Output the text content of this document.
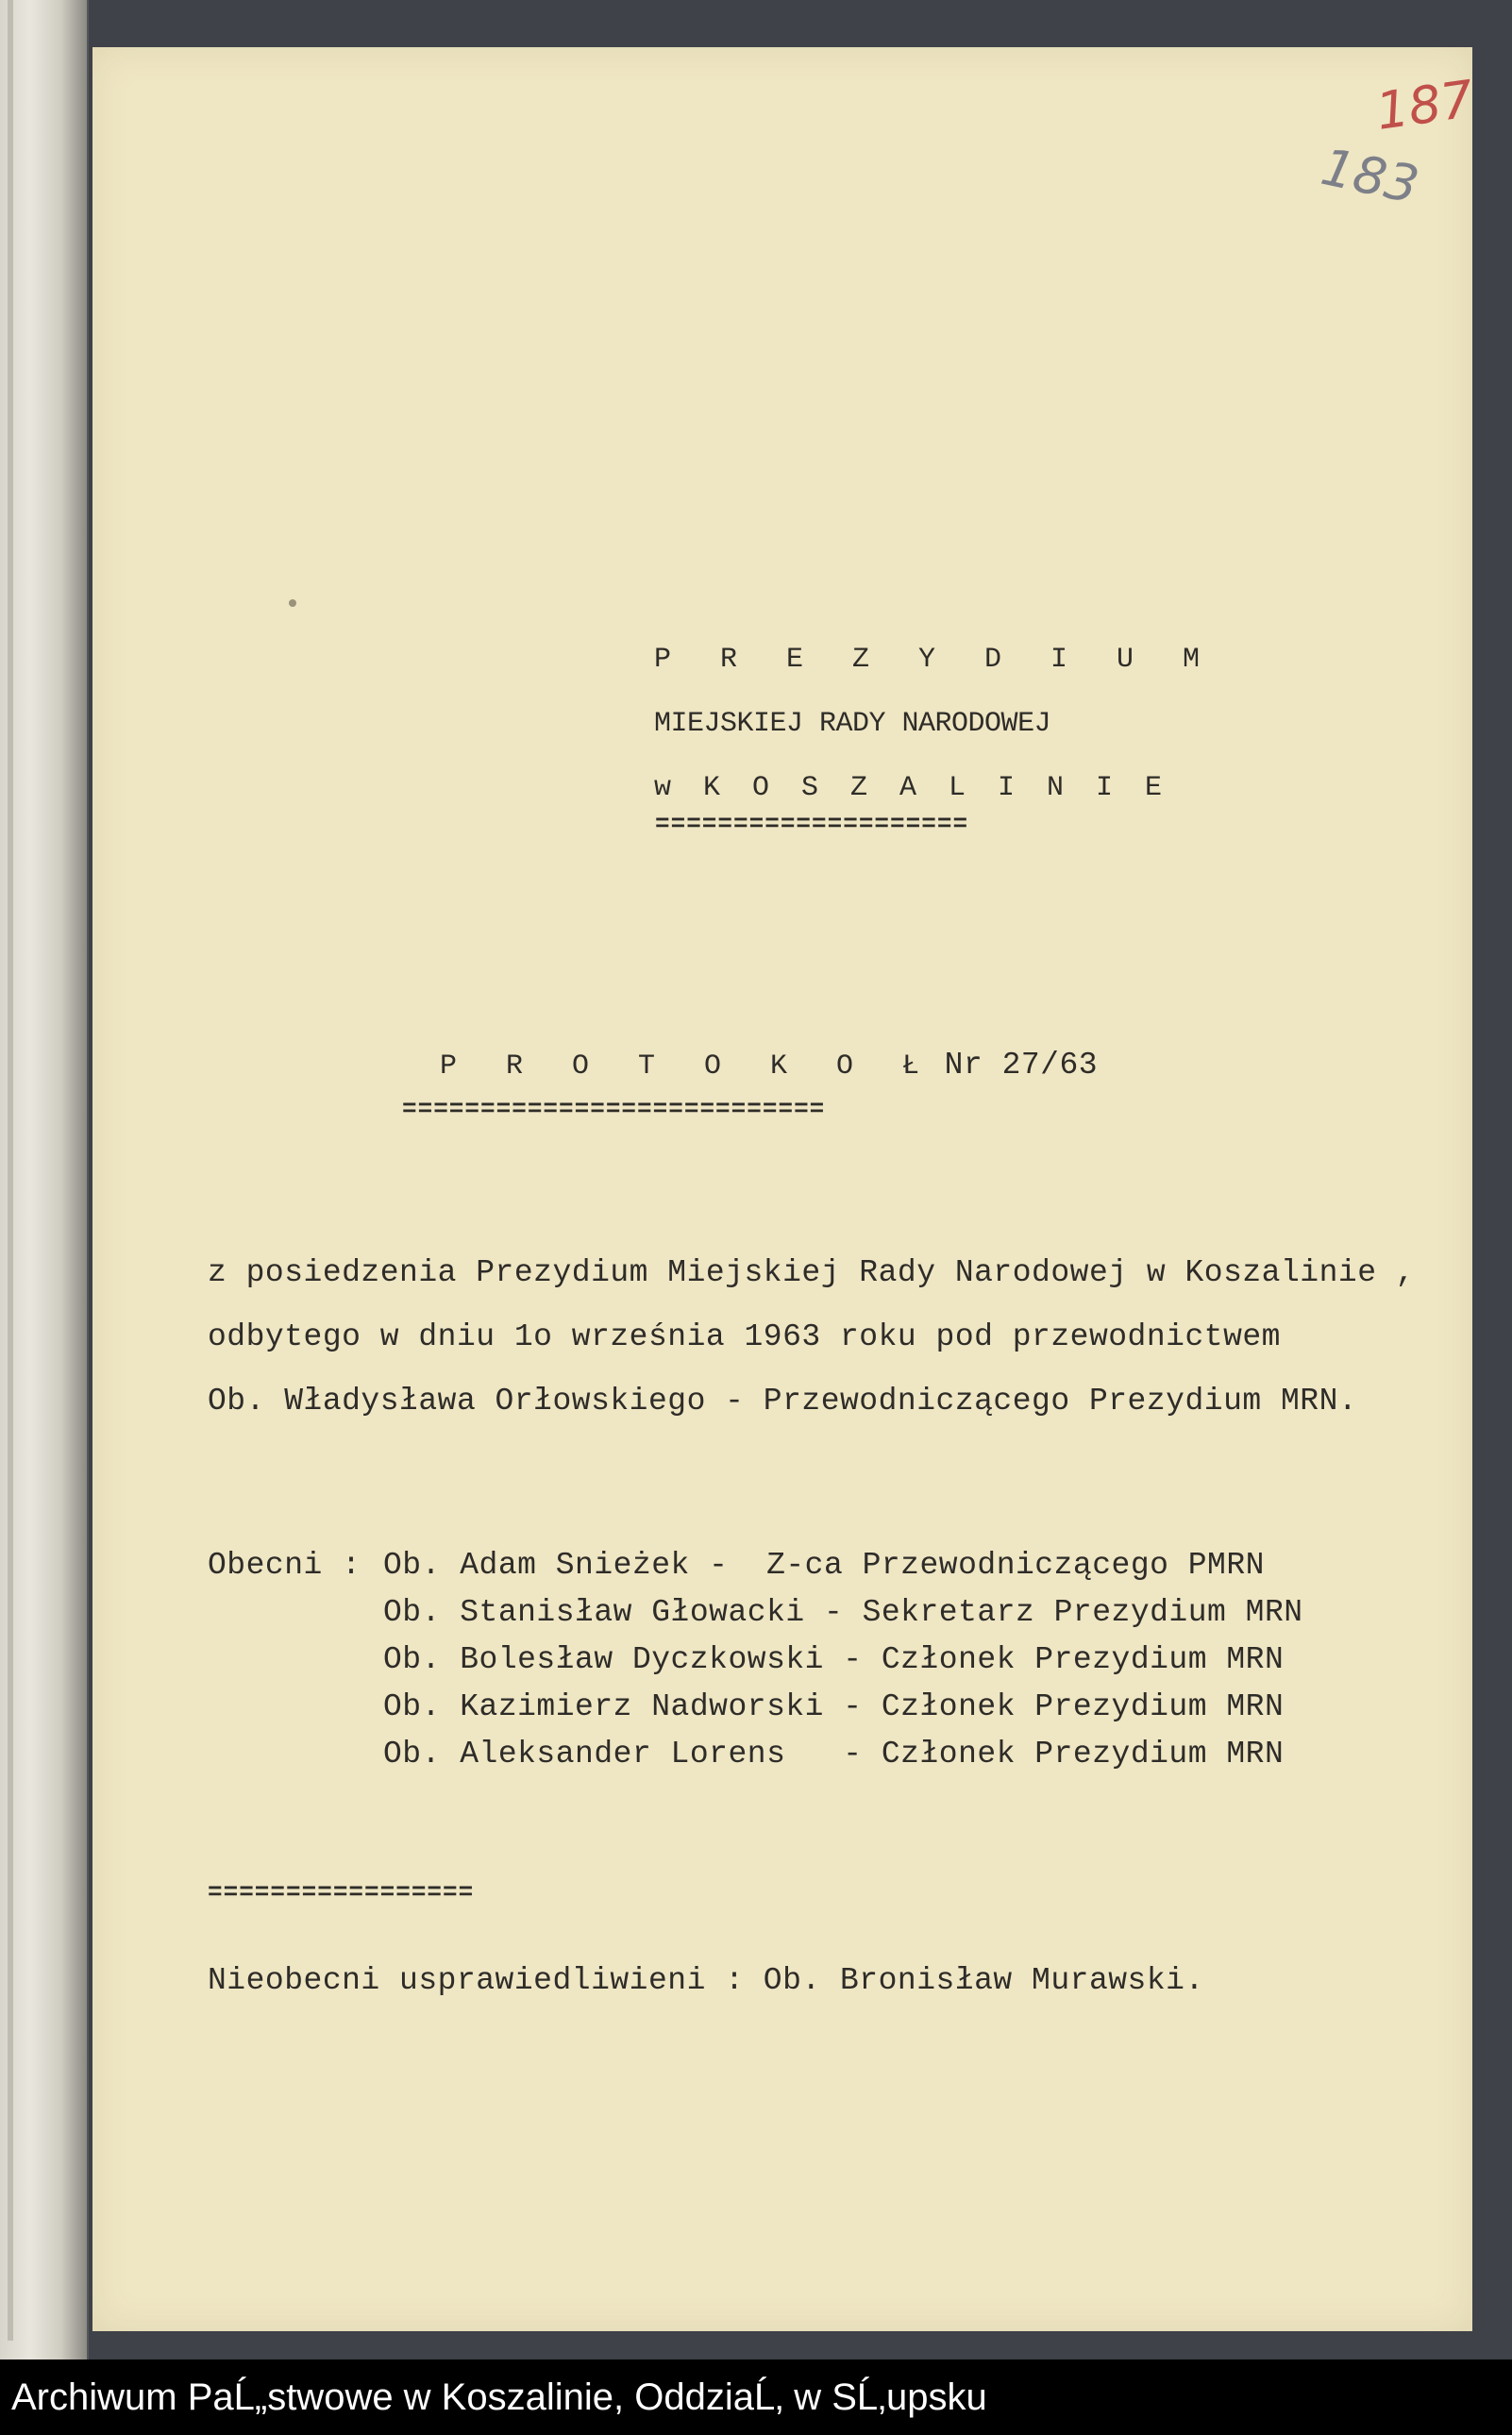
187
183
P R E Z Y D I U M
MIEJSKIEJ RADY NARODOWEJ
w K O S Z A L I N I E
====================
P R O T O K O Ł Nr 27/63
===========================
z posiedzenia Prezydium Miejskiej Rady Narodowej w Koszalinie ,
odbytego w dniu 1o września 1963 roku pod przewodnictwem
Ob. Władysława Orłowskiego - Przewodniczącego Prezydium MRN.
Obecni : Ob. Adam Snieżek -  Z-ca Przewodniczącego PMRN
Ob. Stanisław Głowacki - Sekretarz Prezydium MRN
Ob. Bolesław Dyczkowski - Członek Prezydium MRN
Ob. Kazimierz Nadworski - Członek Prezydium MRN
Ob. Aleksander Lorens   - Członek Prezydium MRN
=================
Nieobecni usprawiedliwieni : Ob. Bronisław Murawski.
Archiwum PaĹ„stwowe w Koszalinie, OddziaĹ‚ w SĹ‚upsku
